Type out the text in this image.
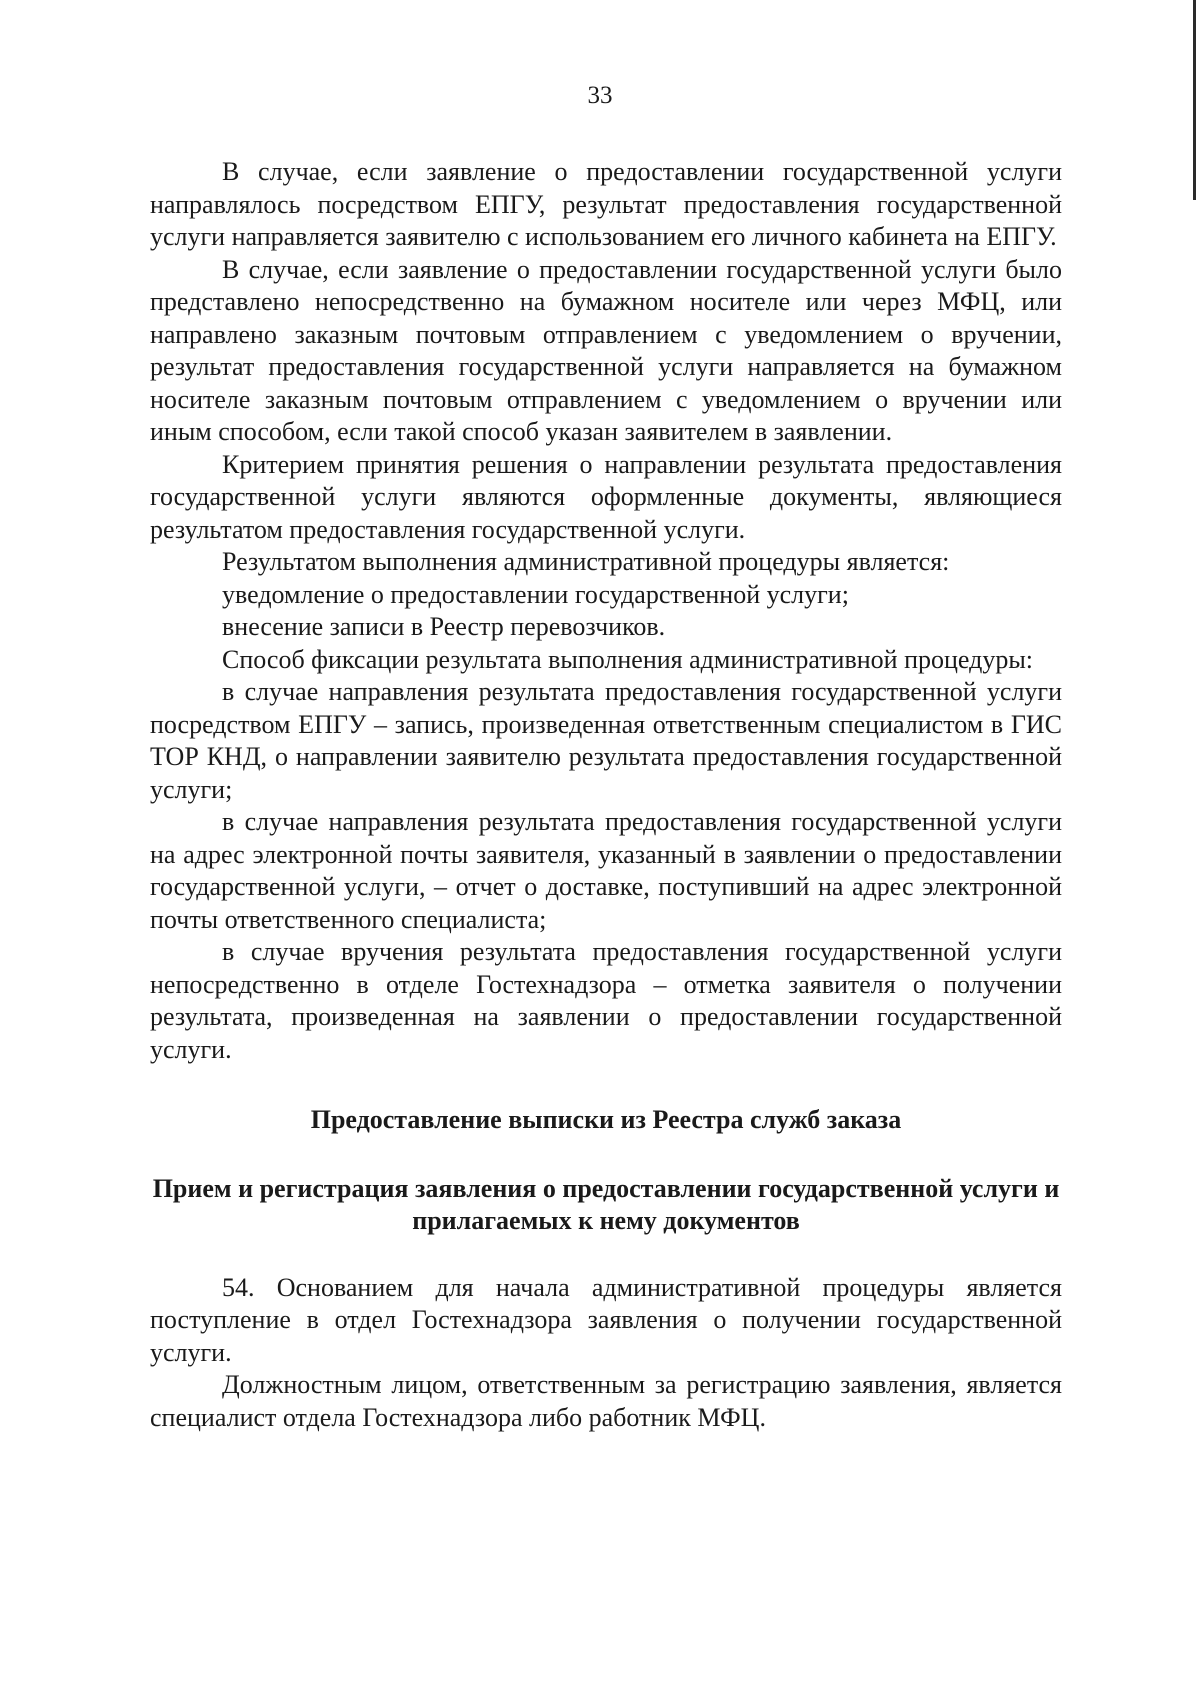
33

В случае, если заявление о предоставлении государственной услуги направлялось посредством ЕПГУ, результат предоставления государственной услуги направляется заявителю с использованием его личного кабинета на ЕПГУ.

В случае, если заявление о предоставлении государственной услуги было представлено непосредственно на бумажном носителе или через МФЦ, или направлено заказным почтовым отправлением с уведомлением о вручении, результат предоставления государственной услуги направляется на бумажном носителе заказным почтовым отправлением с уведомлением о вручении или иным способом, если такой способ указан заявителем в заявлении.

Критерием принятия решения о направлении результата предоставления государственной услуги являются оформленные документы, являющиеся результатом предоставления государственной услуги.

Результатом выполнения административной процедуры является:

уведомление о предоставлении государственной услуги;

внесение записи в Реестр перевозчиков.

Способ фиксации результата выполнения административной процедуры:

в случае направления результата предоставления государственной услуги посредством ЕПГУ – запись, произведенная ответственным специалистом в ГИС ТОР КНД, о направлении заявителю результата предоставления государственной услуги;

в случае направления результата предоставления государственной услуги на адрес электронной почты заявителя, указанный в заявлении о предоставлении государственной услуги, – отчет о доставке, поступивший на адрес электронной почты ответственного специалиста;

в случае вручения результата предоставления государственной услуги непосредственно в отделе Гостехнадзора – отметка заявителя о получении результата, произведенная на заявлении о предоставлении государственной услуги.

Предоставление выписки из Реестра служб заказа

Прием и регистрация заявления о предоставлении государственной услуги и прилагаемых к нему документов

54. Основанием для начала административной процедуры является поступление в отдел Гостехнадзора заявления о получении государственной услуги.

Должностным лицом, ответственным за регистрацию заявления, является специалист отдела Гостехнадзора либо работник МФЦ.
